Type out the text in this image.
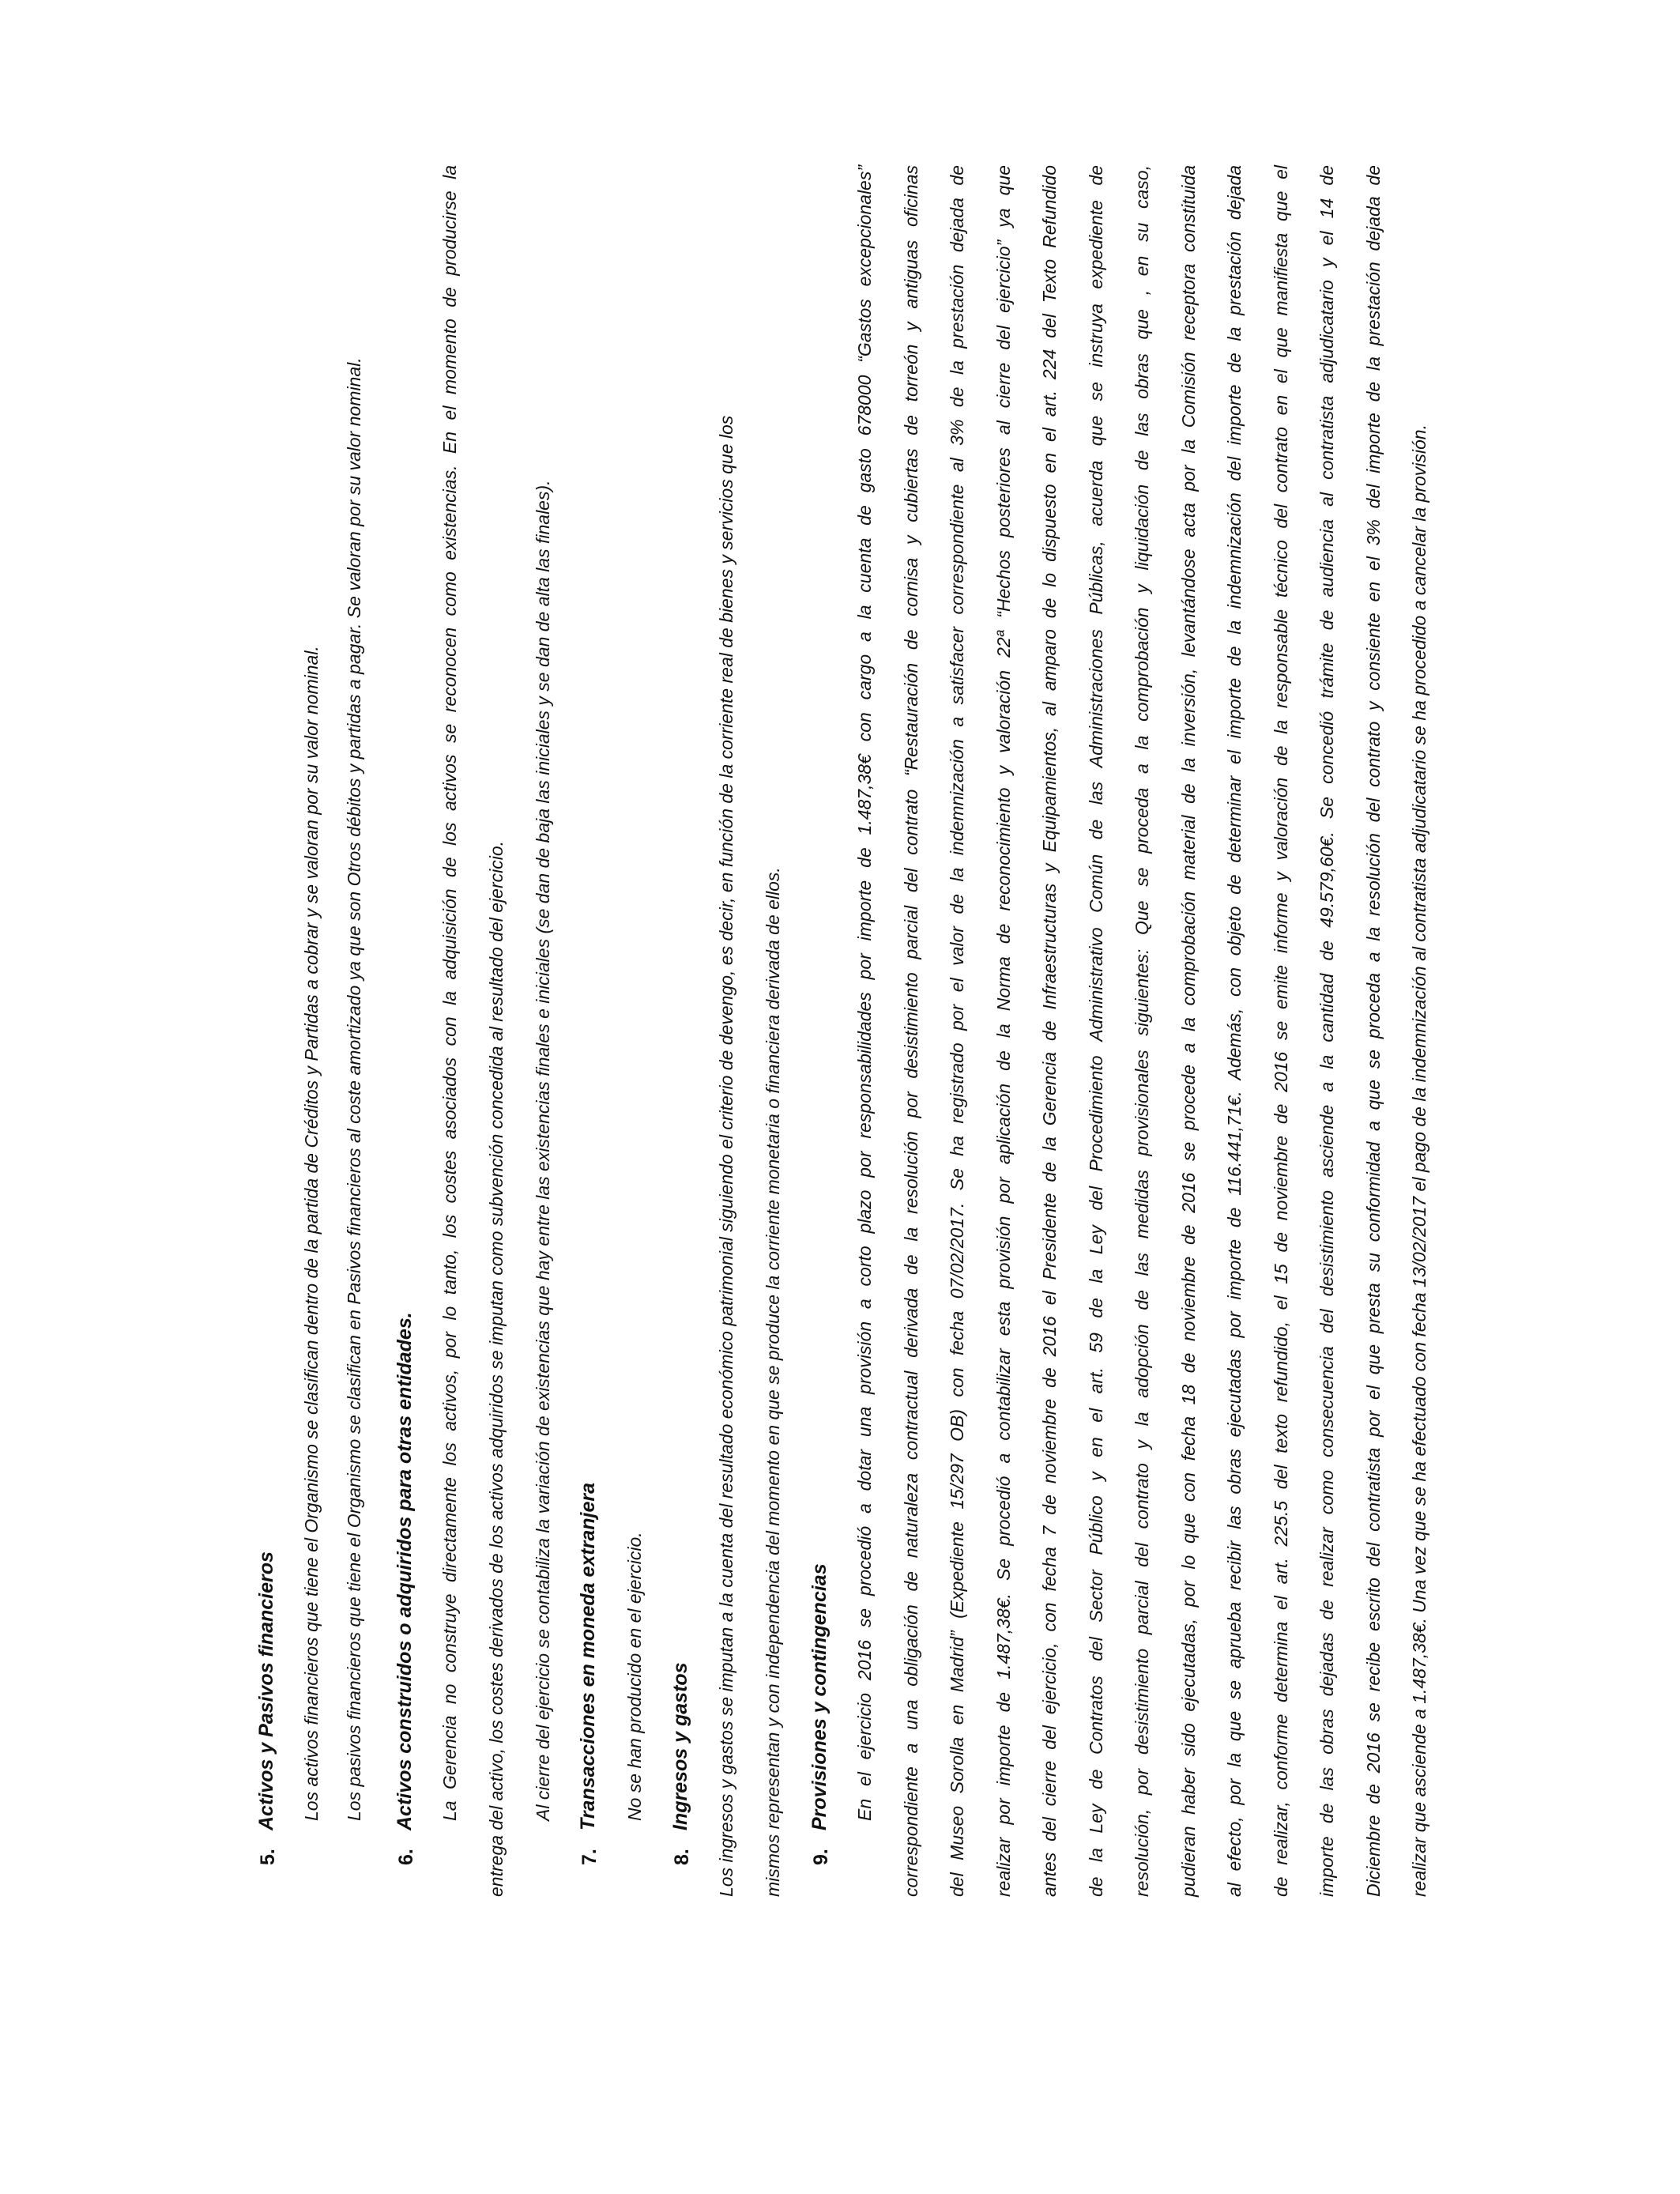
5.
Activos y Pasivos financieros Los activos financieros que tiene el Organismo se clasifican dentro de la partida de Créditos y Partidas a cobrar y se valoran por su valor nominal. Los pasivos financieros que tiene el Organismo se clasifican en Pasivos financieros al coste amortizado ya que son Otros débitos y partidas a pagar. Se valoran por su valor nominal.
6.
Activos construidos o adquiridos para otras entidades. La Gerencia no construye directamente los activos, por lo tanto, los costes asociados con la adquisición de los activos se reconocen como existencias. En el momento de producirse la entrega del activo, los costes derivados de los activos adquiridos se imputan como subvención concedida al resultado del ejercicio. Al cierre del ejercicio se contabiliza la variación de existencias que hay entre las existencias finales e iniciales (se dan de baja las iniciales y se dan de alta las finales).
7.
Transacciones en moneda extranjera No se han producido en el ejercicio.
8.
Ingresos y gastos Los ingresos y gastos se imputan a la cuenta del resultado económico patrimonial siguiendo el criterio de devengo, es decir, en función de la corriente real de bienes y servicios que los mismos representan y con independencia del momento en que se produce la corriente monetaria o financiera derivada de ellos. 9.
Provisiones y contingencias En el ejercicio 2016 se procedió a dotar una provisión a corto plazo por responsabilidades por importe de 1.487,38€ con cargo a la cuenta de gasto 678000 “Gastos excepcionales” correspondiente a una obligación de naturaleza contractual derivada de la resolución por desistimiento parcial del contrato “Restauración de cornisa y cubiertas de torreón y antiguas oficinas del Museo Sorolla en Madrid” (Expediente 15/297 OB) con fecha 07/02/2017. Se ha registrado por el valor de la indemnización a satisfacer correspondiente al 3% de la prestación dejada de realizar por importe de 1.487,38€. Se procedió a contabilizar esta provisión por aplicación de la Norma de reconocimiento y valoración 22ª “Hechos posteriores al cierre del ejercicio” ya que antes del cierre del ejercicio, con fecha 7 de noviembre de 2016 el Presidente de la Gerencia de Infraestructuras y Equipamientos, al amparo de lo dispuesto en el art. 224 del Texto Refundido de la Ley de Contratos del Sector Público y en el art. 59 de la Ley del Procedimiento Administrativo Común de las Administraciones Públicas, acuerda que se instruya expediente de resolución, por desistimiento parcial del contrato y la adopción de las medidas provisionales siguientes: Que se proceda a la comprobación y liquidación de las obras que , en su caso, pudieran haber sido ejecutadas, por lo que con fecha 18 de noviembre de 2016 se procede a la comprobación material de la inversión, levantándose acta por la Comisión receptora constituida al efecto, por la que se aprueba recibir las obras ejecutadas por importe de 116.441,71€. Además, con objeto de determinar el importe de la indemnización del importe de la prestación dejada de realizar, conforme determina el art. 225.5 del texto refundido, el 15 de noviembre de 2016 se emite informe y valoración de la responsable técnico del contrato en el que manifiesta que el importe de las obras dejadas de realizar como consecuencia del desistimiento asciende a la cantidad de 49.579,60€. Se concedió trámite de audiencia al contratista adjudicatario y el 14 de Diciembre de 2016 se recibe escrito del contratista por el que presta su conformidad a que se proceda a la resolución del contrato y consiente en el 3% del importe de la prestación dejada de realizar que asciende a 1.487,38€. Una vez que se ha efectuado con fecha 13/02/2017 el pago de la indemnización al contratista adjudicatario se ha procedido a cancelar la provisión.
